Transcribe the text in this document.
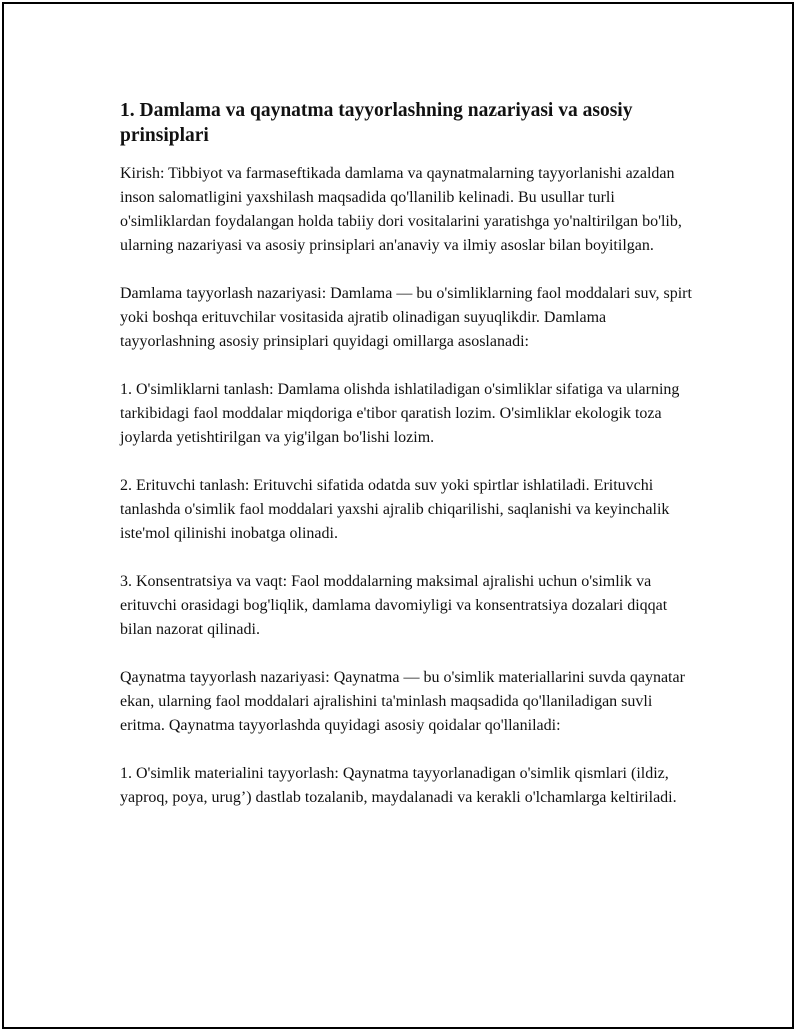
1. Damlama va qaynatma tayyorlashning nazariyasi va asosiy prinsiplari

Kirish: Tibbiyot va farmaseftikada damlama va qaynatmalarning tayyorlanishi azaldan inson salomatligini yaxshilash maqsadida qo'llanilib kelinadi. Bu usullar turli o'simliklardan foydalangan holda tabiiy dori vositalarini yaratishga yo'naltirilgan bo'lib, ularning nazariyasi va asosiy prinsiplari an'anaviy va ilmiy asoslar bilan boyitilgan.

Damlama tayyorlash nazariyasi: Damlama — bu o'simliklarning faol moddalari suv, spirt yoki boshqa erituvchilar vositasida ajratib olinadigan suyuqlikdir. Damlama tayyorlashning asosiy prinsiplari quyidagi omillarga asoslanadi:

1. O'simliklarni tanlash: Damlama olishda ishlatiladigan o'simliklar sifatiga va ularning tarkibidagi faol moddalar miqdoriga e'tibor qaratish lozim. O'simliklar ekologik toza joylarda yetishtirilgan va yig'ilgan bo'lishi lozim.

2. Erituvchi tanlash: Erituvchi sifatida odatda suv yoki spirtlar ishlatiladi. Erituvchi tanlashda o'simlik faol moddalari yaxshi ajralib chiqarilishi, saqlanishi va keyinchalik iste'mol qilinishi inobatga olinadi.

3. Konsentratsiya va vaqt: Faol moddalarning maksimal ajralishi uchun o'simlik va erituvchi orasidagi bog'liqlik, damlama davomiyligi va konsentratsiya dozalari diqqat bilan nazorat qilinadi.

Qaynatma tayyorlash nazariyasi: Qaynatma — bu o'simlik materiallarini suvda qaynatar ekan, ularning faol moddalari ajralishini ta'minlash maqsadida qo'llaniladigan suvli eritma. Qaynatma tayyorlashda quyidagi asosiy qoidalar qo'llaniladi:

1. O'simlik materialini tayyorlash: Qaynatma tayyorlanadigan o'simlik qismlari (ildiz, yaproq, poya, urug’) dastlab tozalanib, maydalanadi va kerakli o'lchamlarga keltiriladi.
